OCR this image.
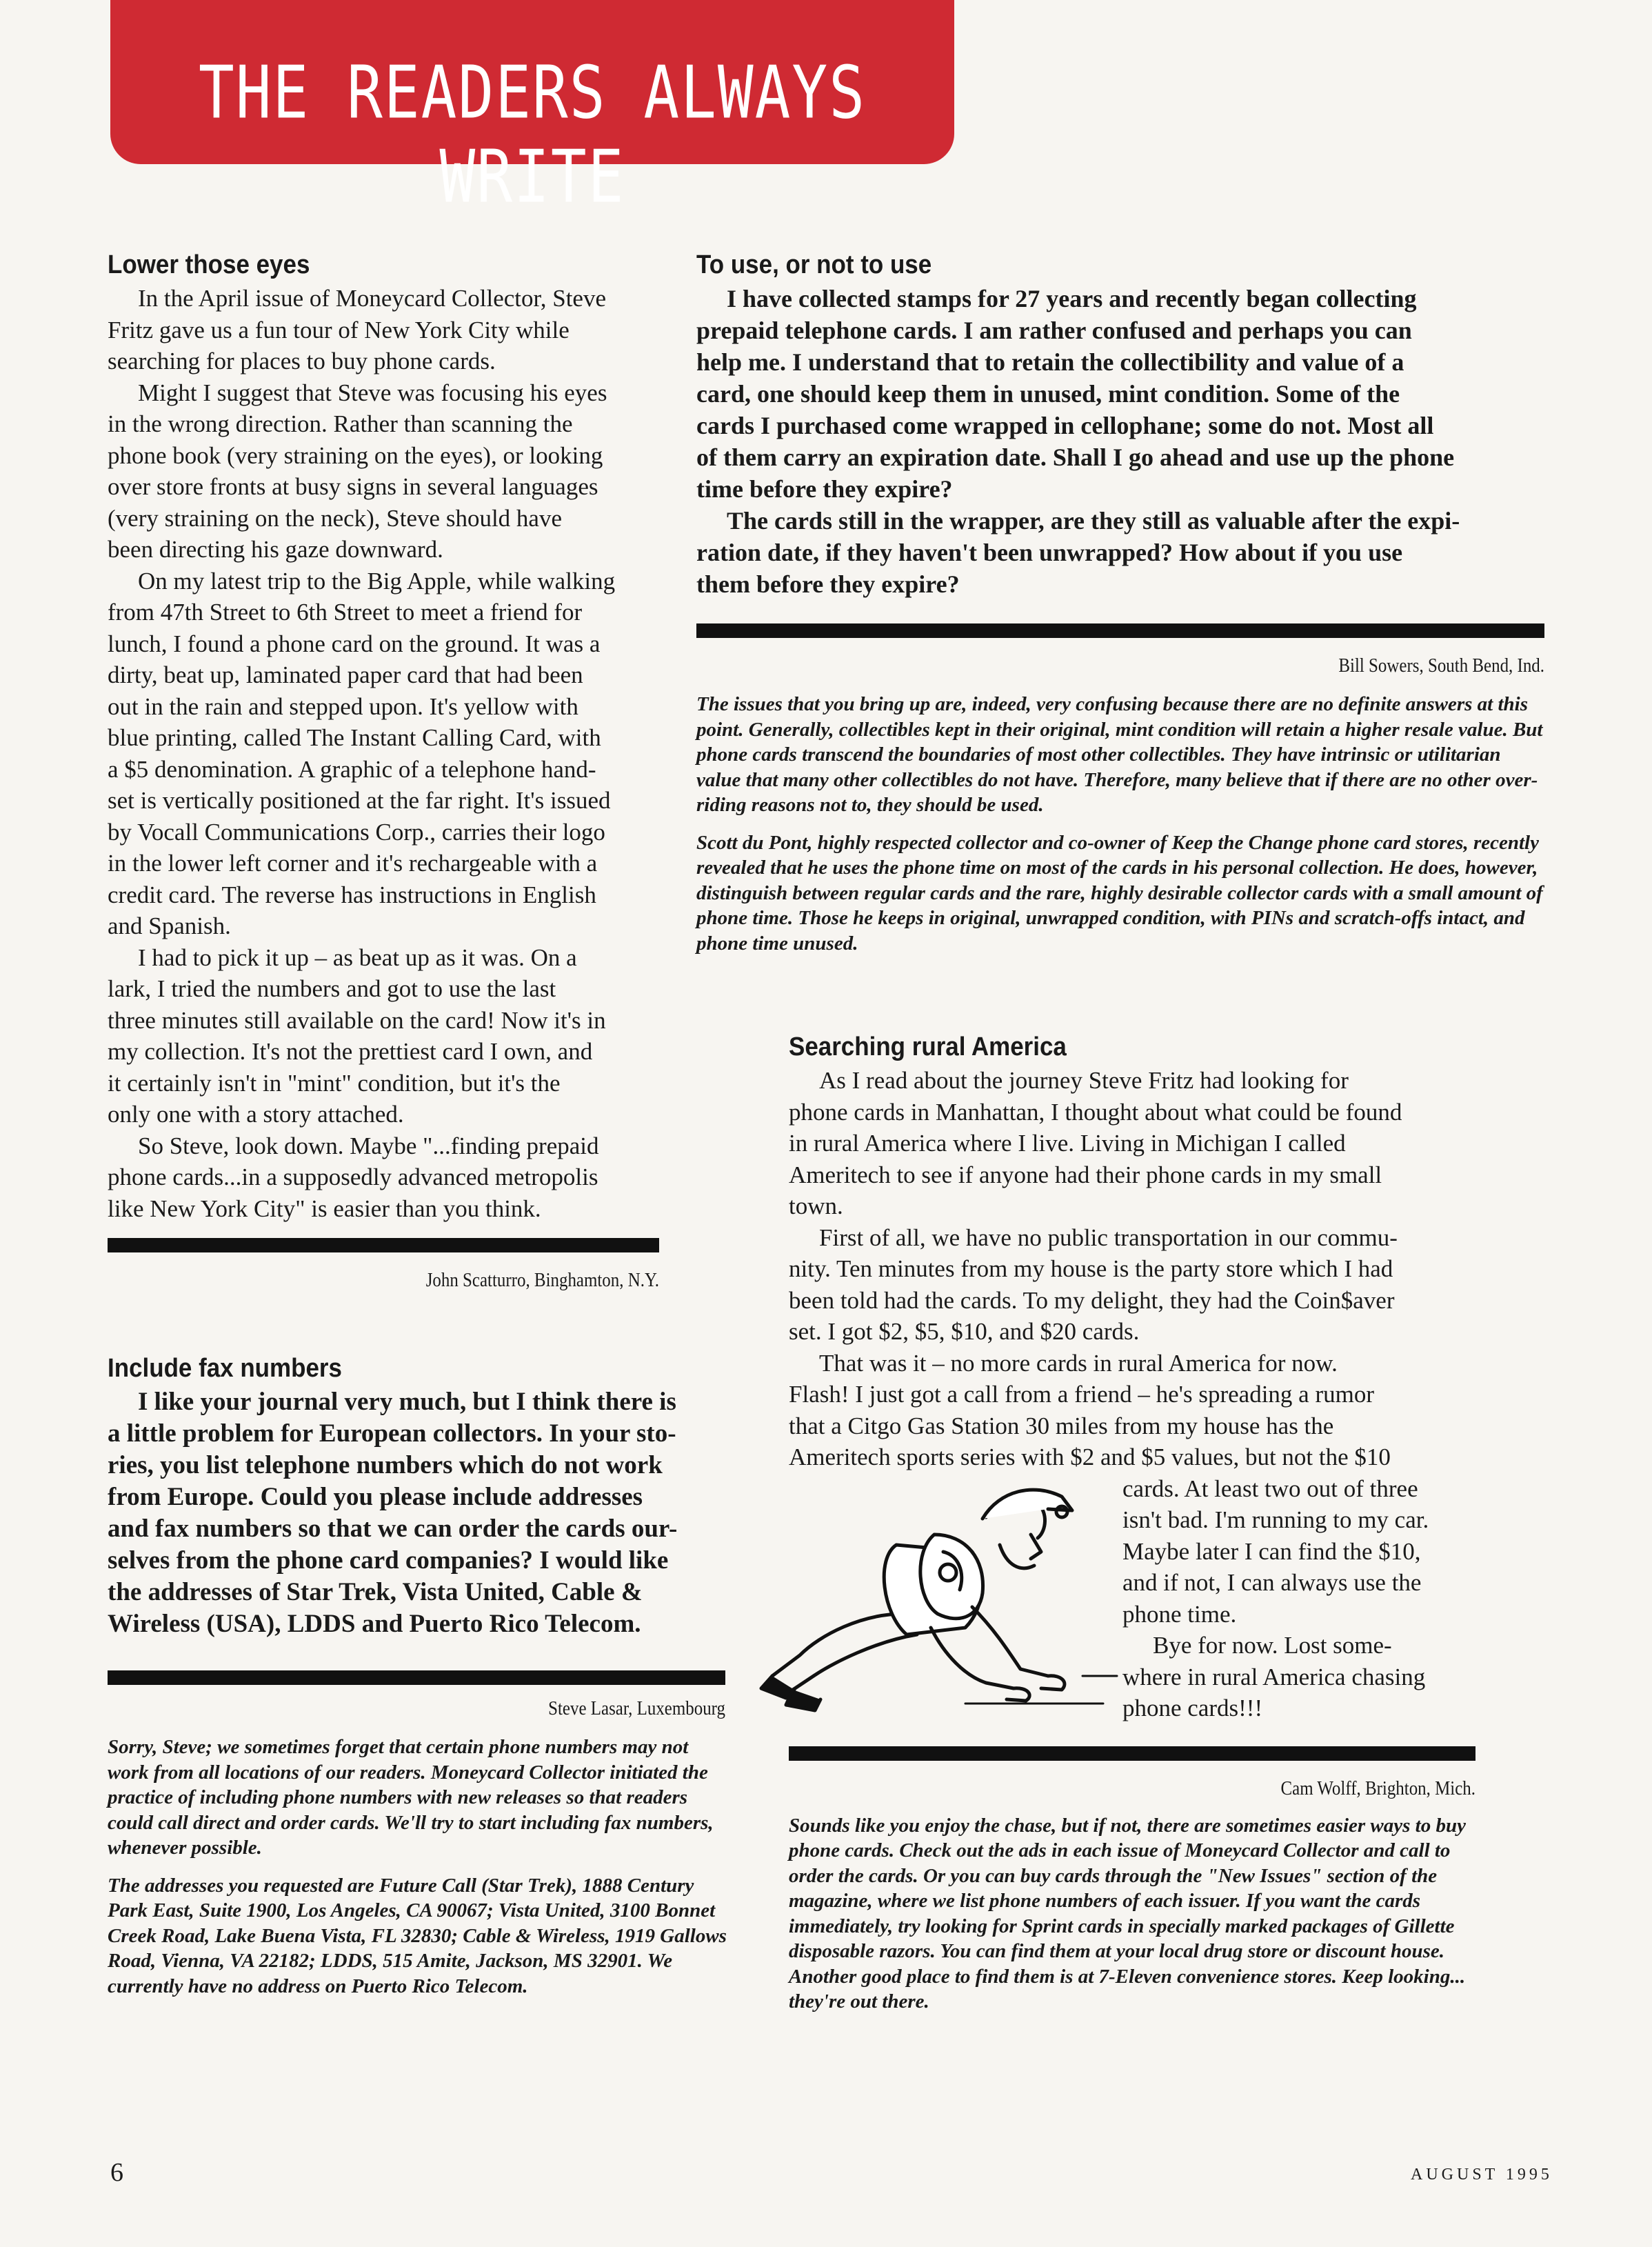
THE READERS ALWAYS WRITE
Lower those eyes
In the April issue of Moneycard Collector, Steve
Fritz gave us a fun tour of New York City while
searching for places to buy phone cards.
Might I suggest that Steve was focusing his eyes
in the wrong direction. Rather than scanning the
phone book (very straining on the eyes), or looking
over store fronts at busy signs in several languages
(very straining on the neck), Steve should have
been directing his gaze downward.
On my latest trip to the Big Apple, while walking
from 47th Street to 6th Street to meet a friend for
lunch, I found a phone card on the ground. It was a
dirty, beat up, laminated paper card that had been
out in the rain and stepped upon. It's yellow with
blue printing, called The Instant Calling Card, with
a $5 denomination. A graphic of a telephone hand-
set is vertically positioned at the far right. It's issued
by Vocall Communications Corp., carries their logo
in the lower left corner and it's rechargeable with a
credit card. The reverse has instructions in English
and Spanish.
I had to pick it up – as beat up as it was. On a
lark, I tried the numbers and got to use the last
three minutes still available on the card! Now it's in
my collection. It's not the prettiest card I own, and
it certainly isn't in "mint" condition, but it's the
only one with a story attached.
So Steve, look down. Maybe "...finding prepaid
phone cards...in a supposedly advanced metropolis
like New York City" is easier than you think.
John Scatturro, Binghamton, N.Y.
Include fax numbers
I like your journal very much, but I think there is
a little problem for European collectors. In your sto-
ries, you list telephone numbers which do not work
from Europe. Could you please include addresses
and fax numbers so that we can order the cards our-
selves from the phone card companies? I would like
the addresses of Star Trek, Vista United, Cable &
Wireless (USA), LDDS and Puerto Rico Telecom.
Steve Lasar, Luxembourg

Sorry, Steve; we sometimes forget that certain phone numbers may not work from all locations of our readers. Moneycard Collector initiated the practice of including phone numbers with new releases so that readers could call direct and order cards. We'll try to start including fax numbers, whenever possible.

The addresses you requested are Future Call (Star Trek), 1888 Century Park East, Suite 1900, Los Angeles, CA 90067; Vista United, 3100 Bonnet Creek Road, Lake Buena Vista, FL 32830; Cable & Wireless, 1919 Gallows Road, Vienna, VA 22182; LDDS, 515 Amite, Jackson, MS 32901. We currently have no address on Puerto Rico Telecom.

To use, or not to use
I have collected stamps for 27 years and recently began collecting
prepaid telephone cards. I am rather confused and perhaps you can
help me. I understand that to retain the collectibility and value of a
card, one should keep them in unused, mint condition. Some of the
cards I purchased come wrapped in cellophane; some do not. Most all
of them carry an expiration date. Shall I go ahead and use up the phone
time before they expire?
The cards still in the wrapper, are they still as valuable after the expi-
ration date, if they haven't been unwrapped? How about if you use
them before they expire?
Bill Sowers, South Bend, Ind.

The issues that you bring up are, indeed, very confusing because there are no definite answers at this point. Generally, collectibles kept in their original, mint condition will retain a higher resale value. But phone cards transcend the boundaries of most other collectibles. They have intrinsic or utilitarian value that many other collectibles do not have. Therefore, many believe that if there are no other over-riding reasons not to, they should be used.

Scott du Pont, highly respected collector and co-owner of Keep the Change phone card stores, recently revealed that he uses the phone time on most of the cards in his personal collection. He does, however, distinguish between regular cards and the rare, highly desirable collector cards with a small amount of phone time. Those he keeps in original, unwrapped condition, with PINs and scratch-offs intact, and phone time unused.

Searching rural America
As I read about the journey Steve Fritz had looking for
phone cards in Manhattan, I thought about what could be found
in rural America where I live. Living in Michigan I called
Ameritech to see if anyone had their phone cards in my small
town.
First of all, we have no public transportation in our commu-
nity. Ten minutes from my house is the party store which I had
been told had the cards. To my delight, they had the Coin$aver
set. I got $2, $5, $10, and $20 cards.
That was it – no more cards in rural America for now.
Flash! I just got a call from a friend – he's spreading a rumor
that a Citgo Gas Station 30 miles from my house has the
Ameritech sports series with $2 and $5 values, but not the $10
cards. At least two out of three
isn't bad. I'm running to my car.
Maybe later I can find the $10,
and if not, I can always use the
phone time.
Bye for now. Lost some-
where in rural America chasing
phone cards!!!
Cam Wolff, Brighton, Mich.

Sounds like you enjoy the chase, but if not, there are sometimes easier ways to buy phone cards. Check out the ads in each issue of Moneycard Collector and call to order the cards. Or you can buy cards through the "New Issues" section of the magazine, where we list phone numbers of each issuer. If you want the cards immediately, try looking for Sprint cards in specially marked packages of Gillette disposable razors. You can find them at your local drug store or discount house. Another good place to find them is at 7-Eleven convenience stores. Keep looking... they're out there.

6	AUGUST 1995
